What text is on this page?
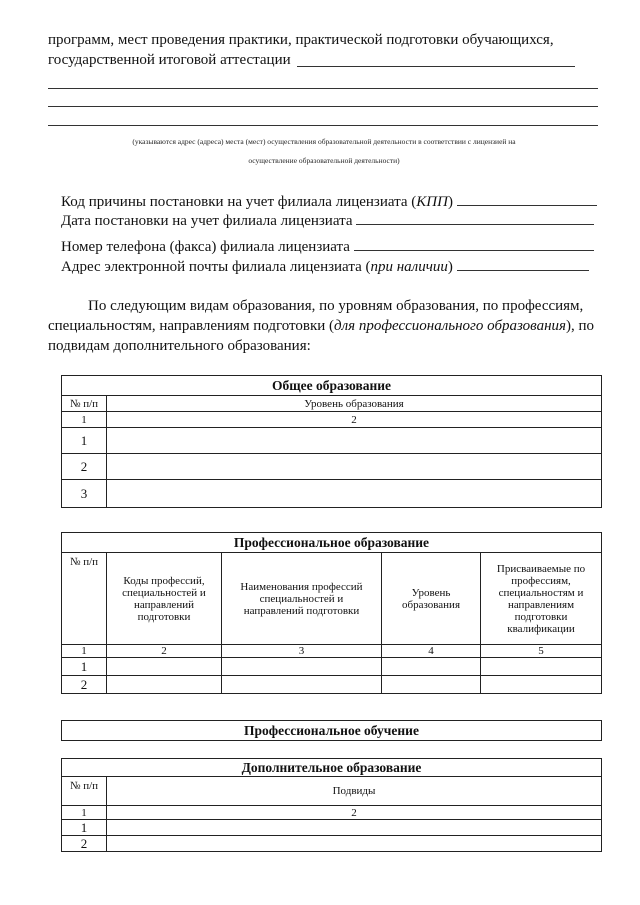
программ, мест проведения практики, практической подготовки обучающихся,
государственной итоговой аттестации
(указываются адрес (адреса) места (мест) осуществления образовательной деятельности в соответствии с лицензией на
осуществление образовательной деятельности)
Код причины постановки на учет филиала лицензиата (КПП)
Дата постановки на учет филиала лицензиата
Номер телефона (факса) филиала лицензиата
Адрес электронной почты филиала лицензиата (при наличии)
По следующим видам образования, по уровням образования, по профессиям,
специальностям, направлениям подготовки (для профессионального образования), по
подвидам дополнительного образования:
Общее образование	
№ п/п	Уровень образования
1	2
1	
2	
3	
Профессиональное образование				
№ п/п	Коды профессий, специальностей и направлений подготовки	Наименования профессий специальностей и направлений подготовки	Уровень образования	Присваиваемые по профессиям, специальностям и направлениям подготовки квалификации
1	2	3	4	5
1				
2				
Профессиональное обучение
Дополнительное образование	
№ п/п	Подвиды
1	2
1	
2	
